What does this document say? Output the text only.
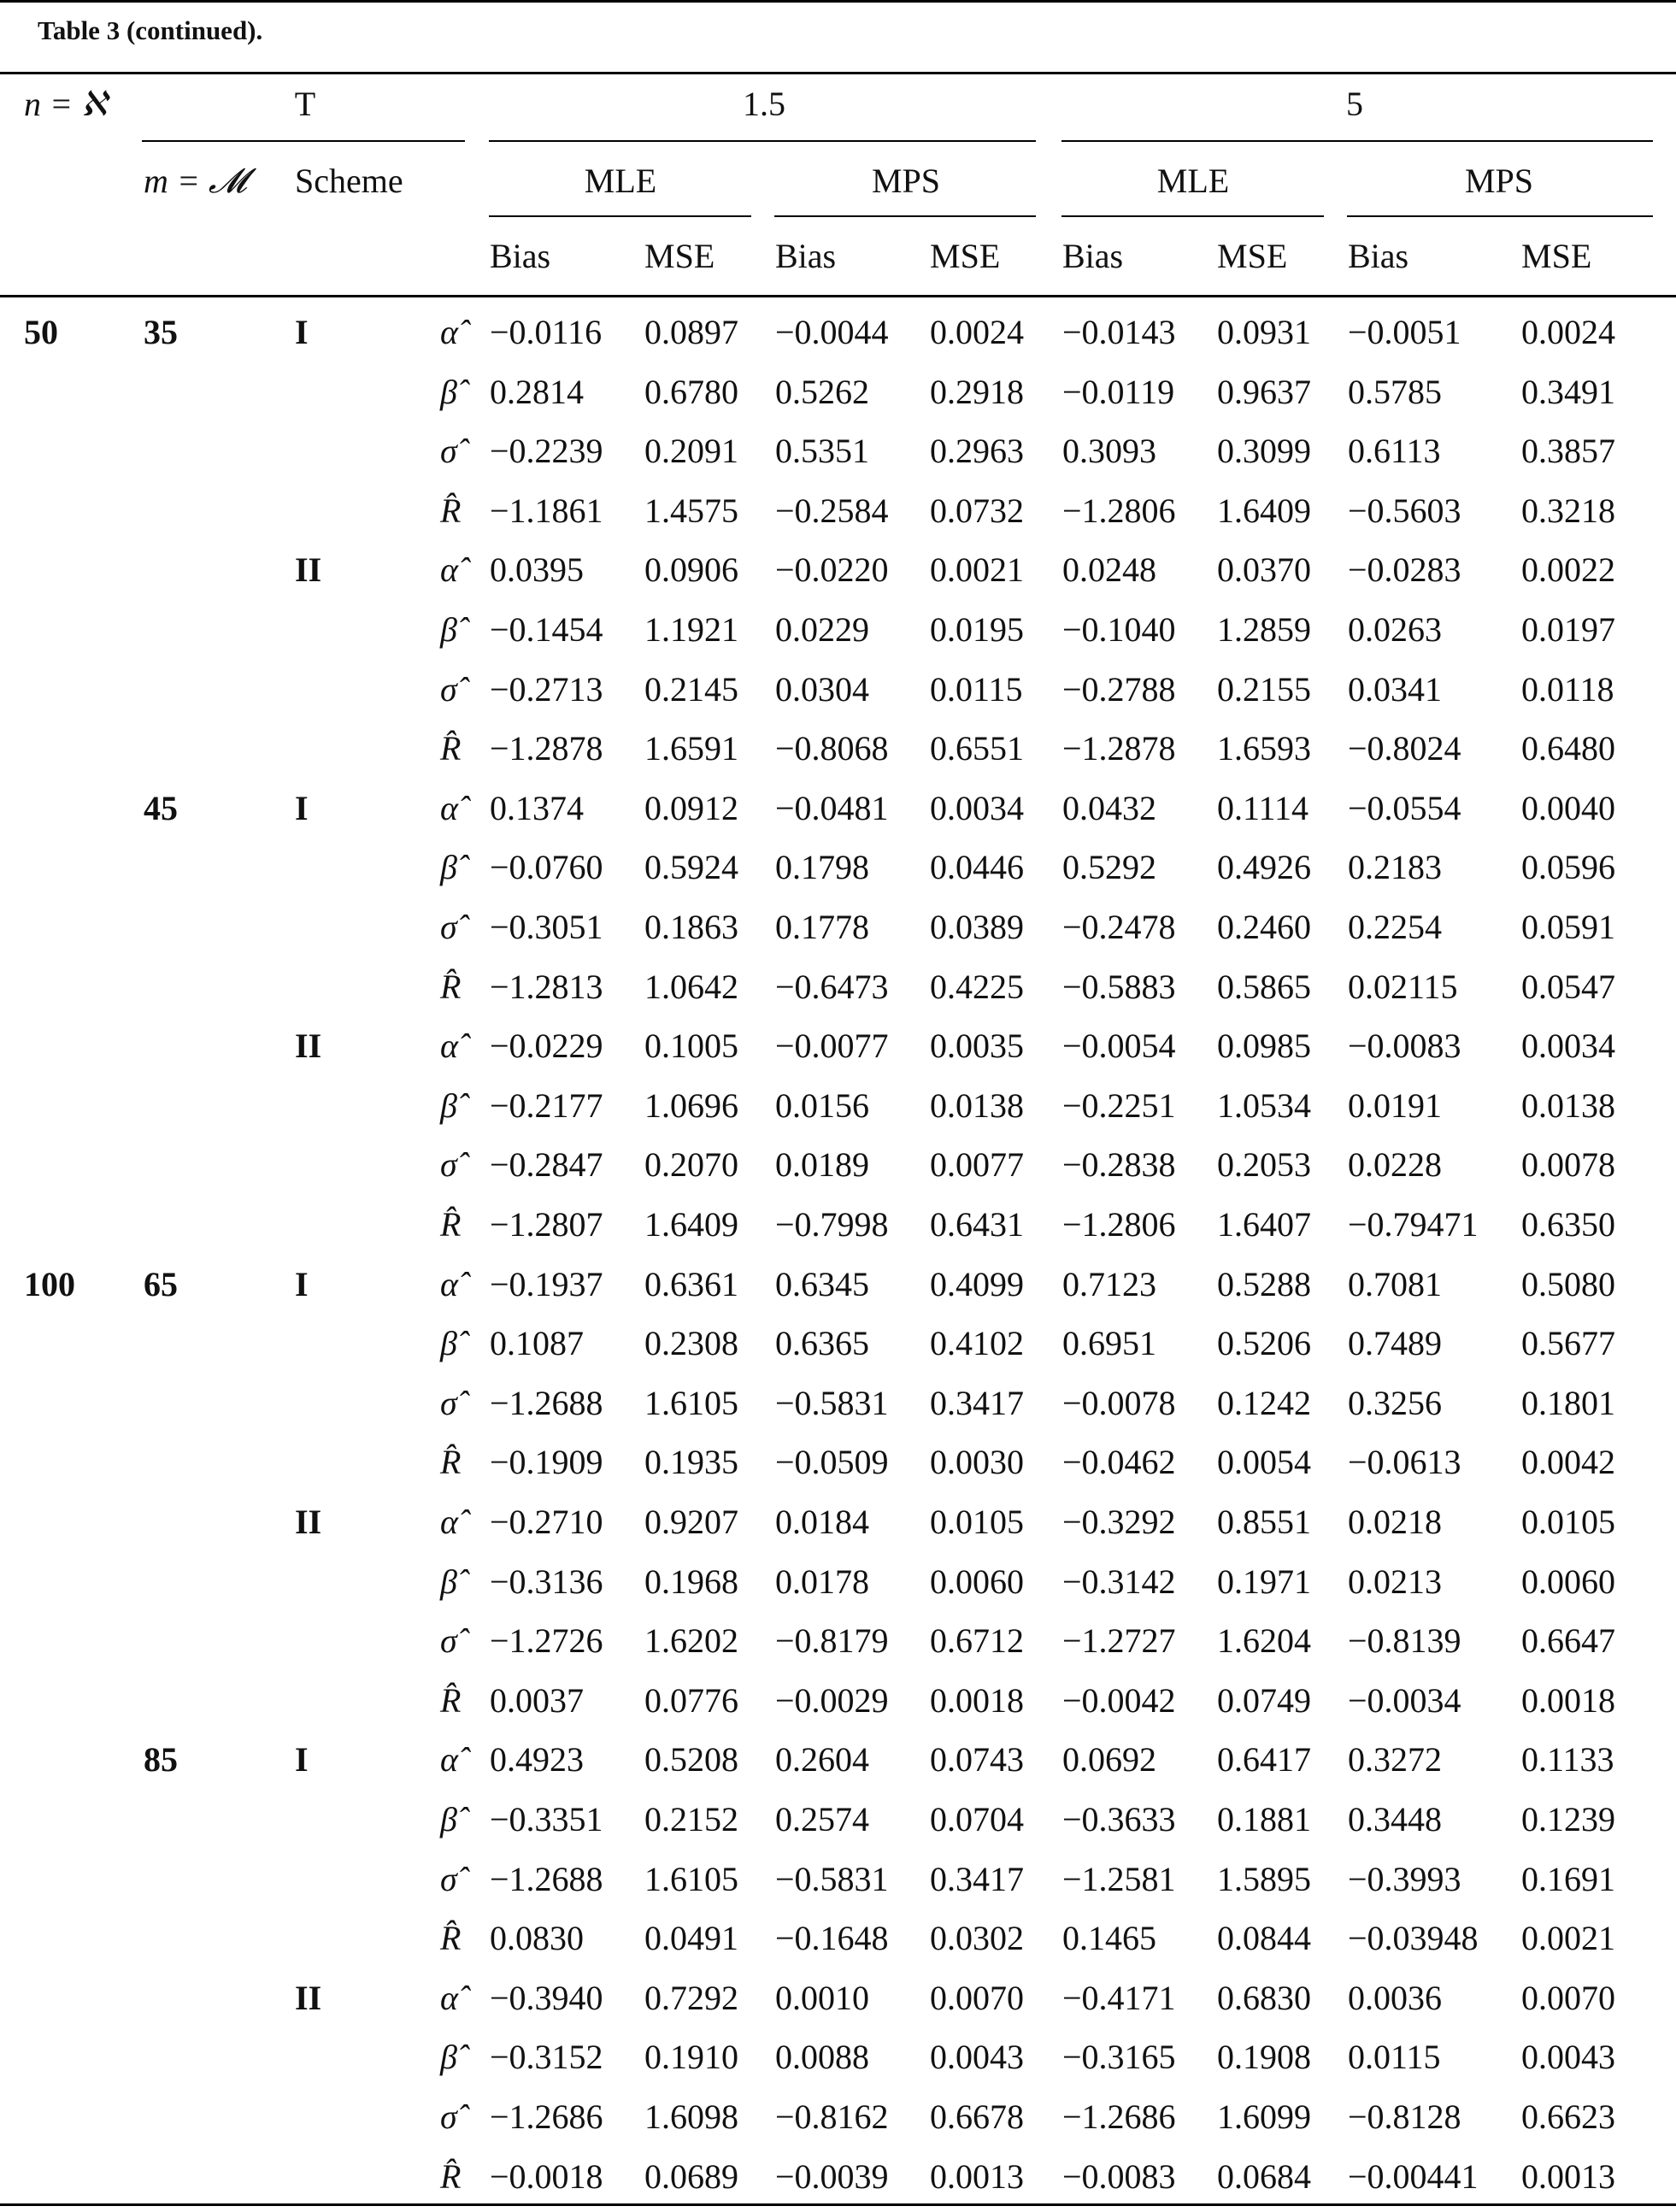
Table 3 (continued).
n = ℵ	T	1.5	5
m = 𝓜 Scheme	MLE	MPS	MLE	MPS
Bias	MSE Bias	MSE Bias	MSE Bias	MSE
50	35	I	α̂ −0.0116 0.0897 −0.0044 0.0024 −0.0143 0.0931 −0.0051 0.0024
β̂ 0.2814 0.6780 0.5262 0.2918 −0.0119 0.9637 0.5785 0.3491
σ̂ −0.2239 0.2091 0.5351 0.2963 0.3093 0.3099 0.6113 0.3857
R̂ −1.1861 1.4575 −0.2584 0.0732 −1.2806 1.6409 −0.5603 0.3218
II	α̂ 0.0395 0.0906 −0.0220 0.0021 0.0248 0.0370 −0.0283 0.0022
β̂ −0.1454 1.1921 0.0229 0.0195 −0.1040 1.2859 0.0263 0.0197
σ̂ −0.2713 0.2145 0.0304 0.0115 −0.2788 0.2155 0.0341 0.0118
R̂ −1.2878 1.6591 −0.8068 0.6551 −1.2878 1.6593 −0.8024 0.6480
45	I	α̂ 0.1374 0.0912 −0.0481 0.0034 0.0432 0.1114 −0.0554 0.0040
β̂ −0.0760 0.5924 0.1798 0.0446 0.5292 0.4926 0.2183 0.0596
σ̂ −0.3051 0.1863 0.1778 0.0389 −0.2478 0.2460 0.2254 0.0591
R̂ −1.2813 1.0642 −0.6473 0.4225 −0.5883 0.5865 0.02115 0.0547
II	α̂ −0.0229 0.1005 −0.0077 0.0035 −0.0054 0.0985 −0.0083 0.0034
β̂ −0.2177 1.0696 0.0156 0.0138 −0.2251 1.0534 0.0191 0.0138
σ̂ −0.2847 0.2070 0.0189 0.0077 −0.2838 0.2053 0.0228 0.0078
R̂ −1.2807 1.6409 −0.7998 0.6431 −1.2806 1.6407 −0.79471 0.6350
100 65	I	α̂ −0.1937 0.6361 0.6345 0.4099 0.7123 0.5288 0.7081 0.5080
β̂ 0.1087 0.2308 0.6365 0.4102 0.6951 0.5206 0.7489 0.5677
σ̂ −1.2688 1.6105 −0.5831 0.3417 −0.0078 0.1242 0.3256 0.1801
R̂ −0.1909 0.1935 −0.0509 0.0030 −0.0462 0.0054 −0.0613 0.0042
II	α̂ −0.2710 0.9207 0.0184 0.0105 −0.3292 0.8551 0.0218 0.0105
β̂ −0.3136 0.1968 0.0178 0.0060 −0.3142 0.1971 0.0213 0.0060
σ̂ −1.2726 1.6202 −0.8179 0.6712 −1.2727 1.6204 −0.8139 0.6647
R̂ 0.0037 0.0776 −0.0029 0.0018 −0.0042 0.0749 −0.0034 0.0018
85	I	α̂ 0.4923 0.5208 0.2604 0.0743 0.0692 0.6417 0.3272 0.1133
β̂ −0.3351 0.2152 0.2574 0.0704 −0.3633 0.1881 0.3448 0.1239
σ̂ −1.2688 1.6105 −0.5831 0.3417 −1.2581 1.5895 −0.3993 0.1691
R̂ 0.0830 0.0491 −0.1648 0.0302 0.1465 0.0844 −0.03948 0.0021
II	α̂ −0.3940 0.7292 0.0010 0.0070 −0.4171 0.6830 0.0036 0.0070
β̂ −0.3152 0.1910 0.0088 0.0043 −0.3165 0.1908 0.0115 0.0043
σ̂ −1.2686 1.6098 −0.8162 0.6678 −1.2686 1.6099 −0.8128 0.6623
R̂ −0.0018 0.0689 −0.0039 0.0013 −0.0083 0.0684 −0.00441 0.0013
